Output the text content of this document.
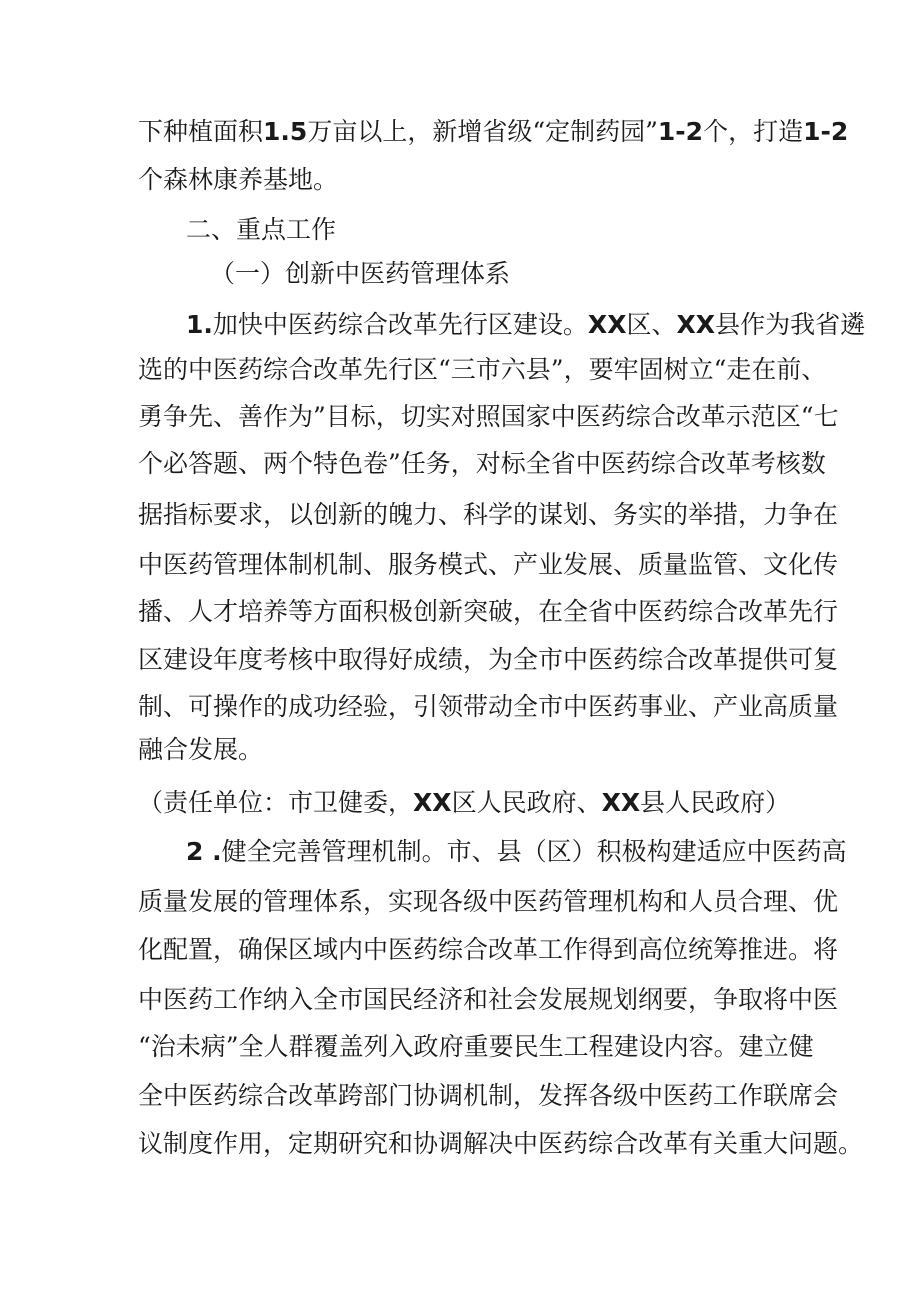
下种植面积1.5万亩以上，新增省级“定制药园”1-2个，打造1-2
个森林康养基地。
二、重点工作
（一）创新中医药管理体系
1.加快中医药综合改革先行区建设。XX区、XX县作为我省遴
选的中医药综合改革先行区“三市六县”，要牢固树立“走在前、
勇争先、善作为”目标，切实对照国家中医药综合改革示范区“七
个必答题、两个特色卷”任务，对标全省中医药综合改革考核数
据指标要求，以创新的魄力、科学的谋划、务实的举措，力争在
中医药管理体制机制、服务模式、产业发展、质量监管、文化传
播、人才培养等方面积极创新突破，在全省中医药综合改革先行
区建设年度考核中取得好成绩，为全市中医药综合改革提供可复
制、可操作的成功经验，引领带动全市中医药事业、产业高质量
融合发展。
（责任单位：市卫健委，XX区人民政府、XX县人民政府）
2 .健全完善管理机制。市、县（区）积极构建适应中医药高
质量发展的管理体系，实现各级中医药管理机构和人员合理、优
化配置，确保区域内中医药综合改革工作得到高位统筹推进。将
中医药工作纳入全市国民经济和社会发展规划纲要，争取将中医
“治未病”全人群覆盖列入政府重要民生工程建设内容。建立健
全中医药综合改革跨部门协调机制，发挥各级中医药工作联席会
议制度作用，定期研究和协调解决中医药综合改革有关重大问题。
